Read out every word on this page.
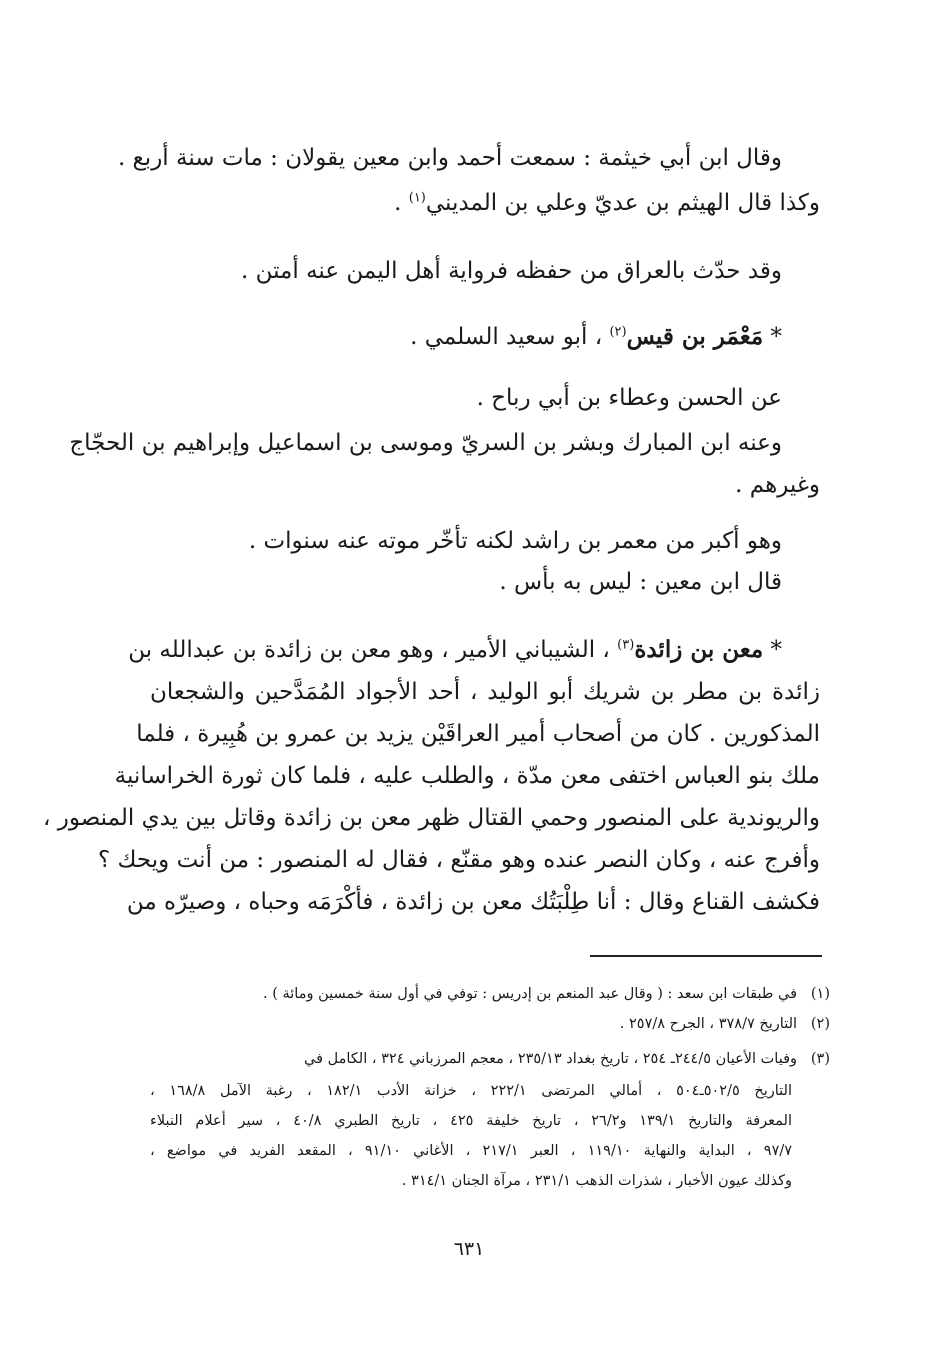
وقال ابن أبي خيثمة : سمعت أحمد وابن معين يقولان : مات سنة أربع .
وكذا قال الهيثم بن عديّ وعلي بن المديني$^{(١)}$ .
وقد حدّث بالعراق من حفظه فرواية أهل اليمن عنه أمتن .
* مَعْمَر بن قيس$^{(٢)}$ ، أبو سعيد السلمي .
عن الحسن وعطاء بن أبي رباح .
وعنه ابن المبارك وبشر بن السريّ وموسى بن اسماعيل وإبراهيم بن الحجّاج
وغيرهم .
وهو أكبر من معمر بن راشد لكنه تأخّر موته عنه سنوات .
قال ابن معين : ليس به بأس .
* معن بن زائدة$^{(٣)}$ ، الشيباني الأمير ، وهو معن بن زائدة بن عبدالله بن
زائدة بن مطر بن شريك أبو الوليد ، أحد الأجواد المُمَدَّحين والشجعان
المذكورين . كان من أصحاب أمير العراقَيْن يزيد بن عمرو بن هُبِيرة ، فلما
ملك بنو العباس اختفى معن مدّة ، والطلب عليه ، فلما كان ثورة الخراسانية
والريوندية على المنصور وحمي القتال ظهر معن بن زائدة وقاتل بين يدي المنصور ،
وأفرج عنه ، وكان النصر عنده وهو مقنّع ، فقال له المنصور : من أنت ويحك ؟
فكشف القناع وقال : أنا طِلْبَتُك معن بن زائدة ، فأكْرَمَه وحباه ، وصيرّه من
(١)   في طبقات ابن سعد : ( وقال عبد المنعم بن إدريس : توفي في أول سنة خمسين ومائة ) .
(٢)   التاريخ ٣٧٨/٧ ، الجرح ٢٥٧/٨ .
(٣)   وفيات الأعيان ٢٤٤/٥ـ ٢٥٤ ، تاريخ بغداد ٢٣٥/١٣ ، معجم المرزباني ٣٢٤ ، الكامل في
التاريخ ٥٠٢/٥ـ٥٠٤ ، أمالي المرتضى ٢٢٢/١ ، خزانة الأدب ١٨٢/١ ، رغبة الآمل ١٦٨/٨ ،
المعرفة والتاريخ ١٣٩/١ و٢٦/٢ ، تاريخ خليفة ٤٢٥ ، تاريخ الطبري ٤٠/٨ ، سير أعلام النبلاء
٩٧/٧ ، البداية والنهاية ١١٩/١٠ ، العبر ٢١٧/١ ، الأغاني ٩١/١٠ ، المقعد الفريد في مواضع ،
وكذلك عيون الأخبار ، شذرات الذهب ٢٣١/١ ، مرآة الجنان ٣١٤/١ .
٦٣١
